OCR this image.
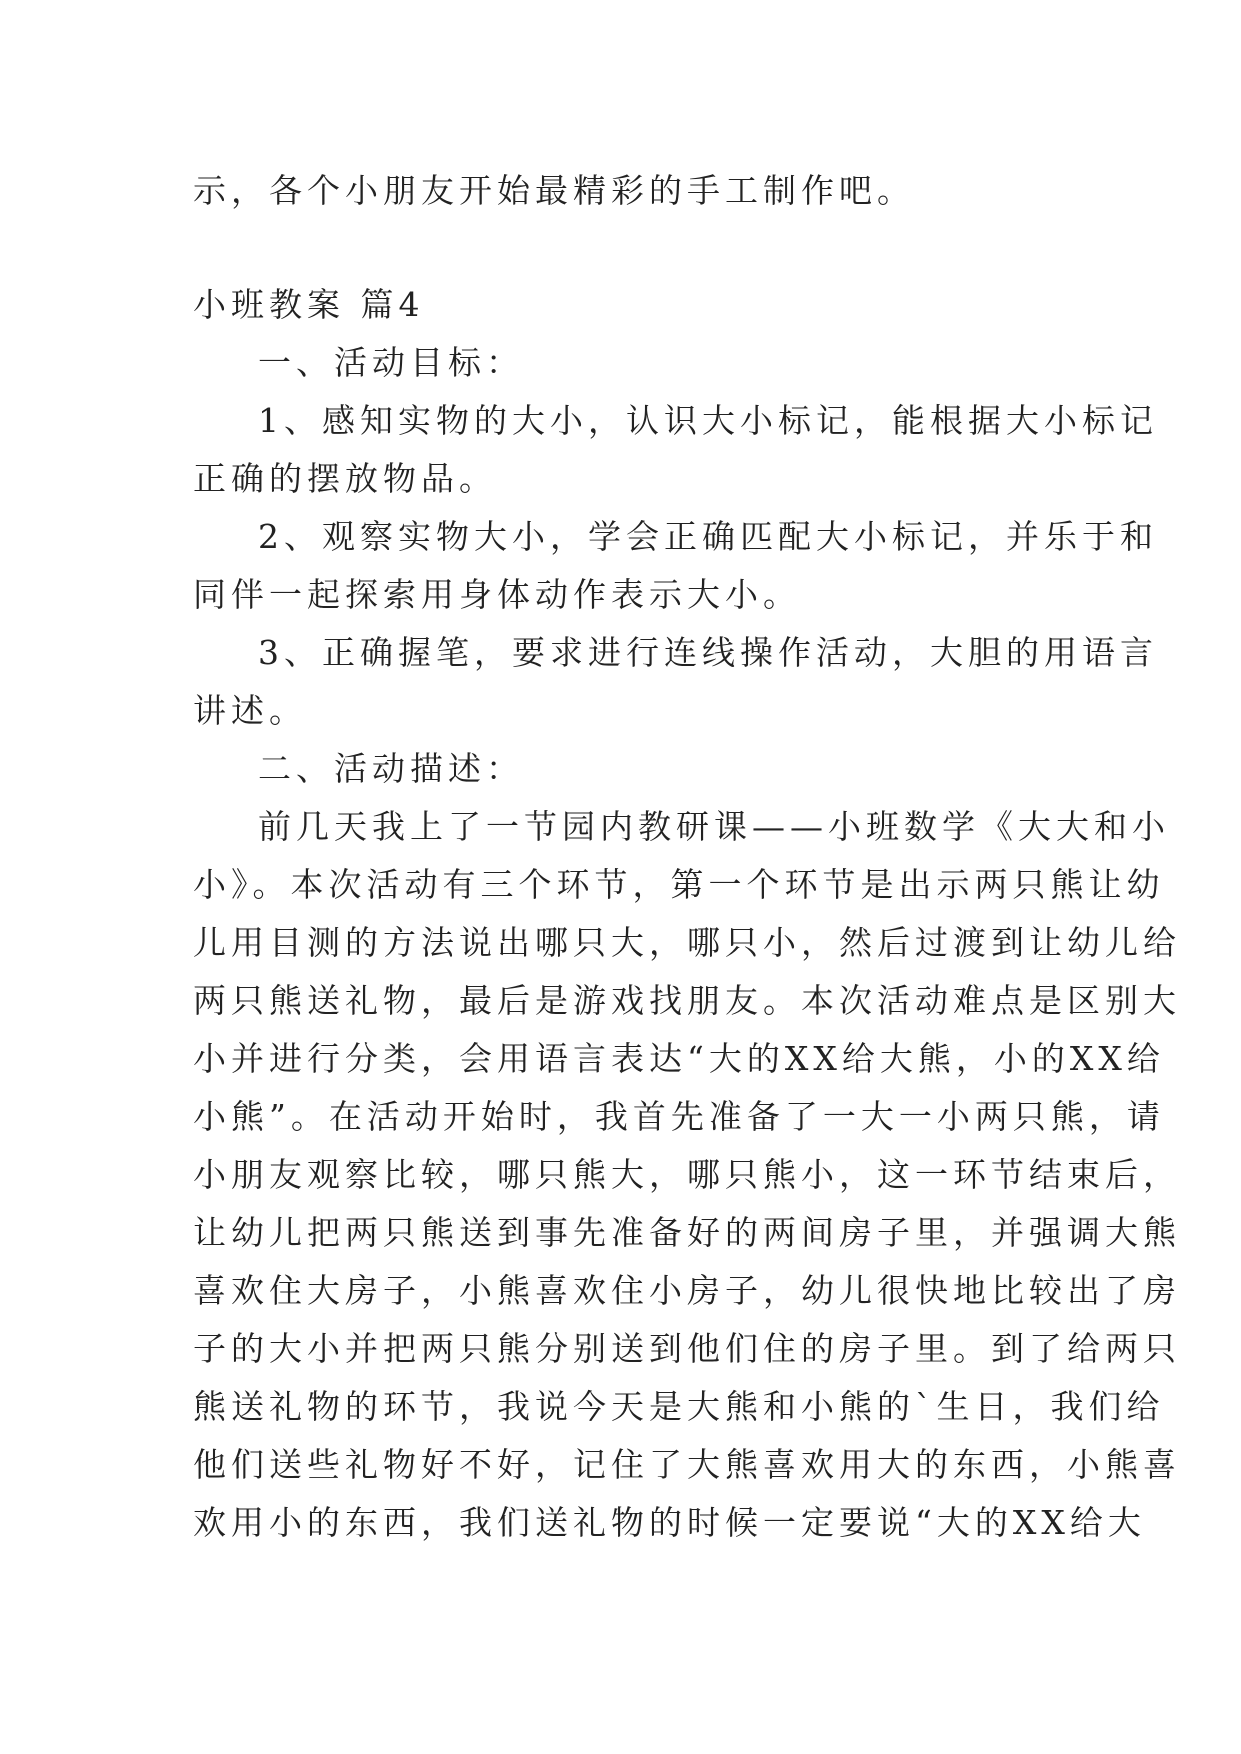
示，各个小朋友开始最精彩的手工制作吧。
小班教案 篇4
一、活动目标：
1、感知实物的大小，认识大小标记，能根据大小标记
正确的摆放物品。
2、观察实物大小，学会正确匹配大小标记，并乐于和
同伴一起探索用身体动作表示大小。
3、正确握笔，要求进行连线操作活动，大胆的用语言
讲述。
二、活动描述：
前几天我上了一节园内教研课——小班数学《大大和小
小》。本次活动有三个环节，第一个环节是出示两只熊让幼
儿用目测的方法说出哪只大，哪只小，然后过渡到让幼儿给
两只熊送礼物，最后是游戏找朋友。本次活动难点是区别大
小并进行分类，会用语言表达“大的XX给大熊，小的XX给
小熊”。在活动开始时，我首先准备了一大一小两只熊，请
小朋友观察比较，哪只熊大，哪只熊小，这一环节结束后，
让幼儿把两只熊送到事先准备好的两间房子里，并强调大熊
喜欢住大房子，小熊喜欢住小房子，幼儿很快地比较出了房
子的大小并把两只熊分别送到他们住的房子里。到了给两只
熊送礼物的环节，我说今天是大熊和小熊的`生日，我们给
他们送些礼物好不好，记住了大熊喜欢用大的东西，小熊喜
欢用小的东西，我们送礼物的时候一定要说“大的XX给大
